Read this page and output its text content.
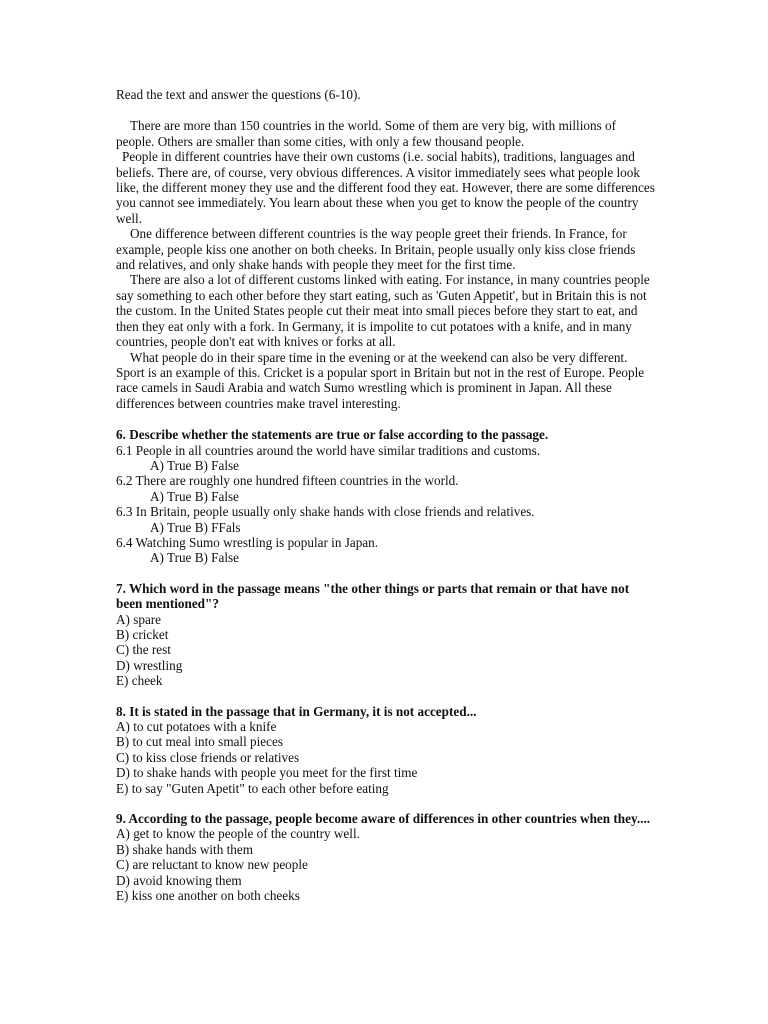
Read the text and answer the questions (6-10).

There are more than 150 countries in the world. Some of them are very big, with millions of people. Others are smaller than some cities, with only a few thousand people.

People in different countries have their own customs (i.e. social habits), traditions, languages and beliefs. There are, of course, very obvious differences. A visitor immediately sees what people look like, the different money they use and the different food they eat. However, there are some differences you cannot see immediately. You learn about these when you get to know the people of the country well.

One difference between different countries is the way people greet their friends. In France, for example, people kiss one another on both cheeks. In Britain, people usually only kiss close friends and relatives, and only shake hands with people they meet for the first time.

There are also a lot of different customs linked with eating. For instance, in many countries people say something to each other before they start eating, such as 'Guten Appetit', but in Britain this is not the custom. In the United States people cut their meat into small pieces before they start to eat, and then they eat only with a fork. In Germany, it is impolite to cut potatoes with a knife, and in many countries, people don't eat with knives or forks at all.

What people do in their spare time in the evening or at the weekend can also be very different. Sport is an example of this. Cricket is a popular sport in Britain but not in the rest of Europe. People race camels in Saudi Arabia and watch Sumo wrestling which is prominent in Japan. All these differences between countries make travel interesting.

6. Describe whether the statements are true or false according to the passage.

6.1 People in all countries around the world have similar traditions and customs.

A) True B) False

6.2 There are roughly one hundred fifteen countries in the world.

A) True B) False

6.3 In Britain, people usually only shake hands with close friends and relatives.

A) True B) FFals

6.4 Watching Sumo wrestling is popular in Japan.

A) True B) False

7. Which word in the passage means "the other things or parts that remain or that have not been mentioned"?

A) spare

B) cricket

C) the rest

D) wrestling

E) cheek

8. It is stated in the passage that in Germany, it is not accepted...

A) to cut potatoes with a knife

B) to cut meal into small pieces

C) to kiss close friends or relatives

D) to shake hands with people you meet for the first time

E) to say "Guten Apetit" to each other before eating

9. According to the passage, people become aware of differences in other countries when they....

A) get to know the people of the country well.

B) shake hands with them

C) are reluctant to know new people

D) avoid knowing them

E) kiss one another on both cheeks
